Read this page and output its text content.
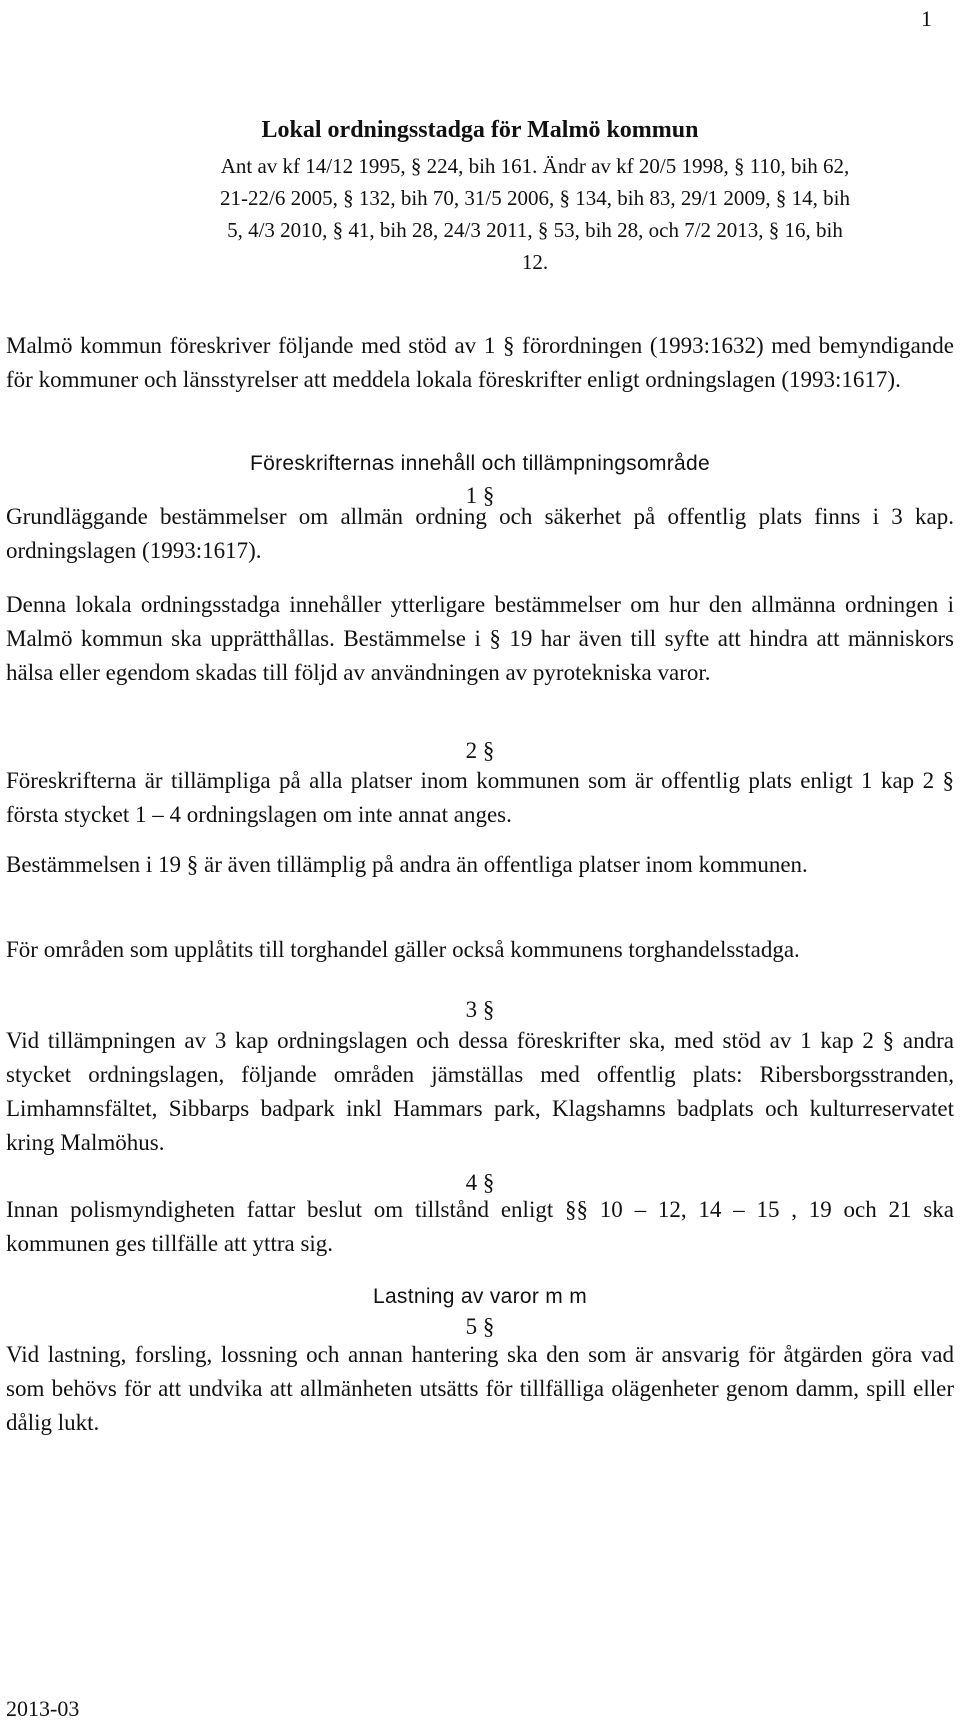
1
Lokal ordningsstadga för Malmö kommun
Ant av kf 14/12 1995, § 224, bih 161. Ändr av kf 20/5 1998, § 110, bih 62, 21-22/6 2005, § 132, bih 70, 31/5 2006, § 134, bih 83, 29/1 2009, § 14, bih 5, 4/3 2010, § 41, bih 28, 24/3 2011, § 53, bih 28, och 7/2 2013, § 16, bih 12.
Malmö kommun föreskriver följande med stöd av 1 § förordningen (1993:1632) med bemyndigande för kommuner och länsstyrelser att meddela lokala föreskrifter enligt ordningslagen (1993:1617).
Föreskrifternas innehåll och tillämpningsområde
1 §
Grundläggande bestämmelser om allmän ordning och säkerhet på offentlig plats finns i 3 kap. ordningslagen (1993:1617).
Denna lokala ordningsstadga innehåller ytterligare bestämmelser om hur den allmänna ordningen i Malmö kommun ska upprätthållas. Bestämmelse i § 19 har även till syfte att hindra att människors hälsa eller egendom skadas till följd av användningen av pyrotekniska varor.
2 §
Föreskrifterna är tillämpliga på alla platser inom kommunen som är offentlig plats enligt 1 kap 2 § första stycket 1 – 4 ordningslagen om inte annat anges.
Bestämmelsen i 19 § är även tillämplig på andra än offentliga platser inom kommunen.
För områden som upplåtits till torghandel gäller också kommunens torghandelsstadga.
3 §
Vid tillämpningen av 3 kap ordningslagen och dessa föreskrifter ska, med stöd av 1 kap 2 § andra stycket ordningslagen, följande områden jämställas med offentlig plats: Ribersborgsstranden, Limhamnsfältet, Sibbarps badpark inkl Hammars park, Klagshamns badplats och kulturreservatet kring Malmöhus.
4 §
Innan polismyndigheten fattar beslut om tillstånd enligt §§ 10 – 12, 14 – 15 , 19 och 21 ska kommunen ges tillfälle att yttra sig.
Lastning av varor m m
5 §
Vid lastning, forsling, lossning och annan hantering ska den som är ansvarig för åtgärden göra vad som behövs för att undvika att allmänheten utsätts för tillfälliga olägenheter genom damm, spill eller dålig lukt.
2013-03
